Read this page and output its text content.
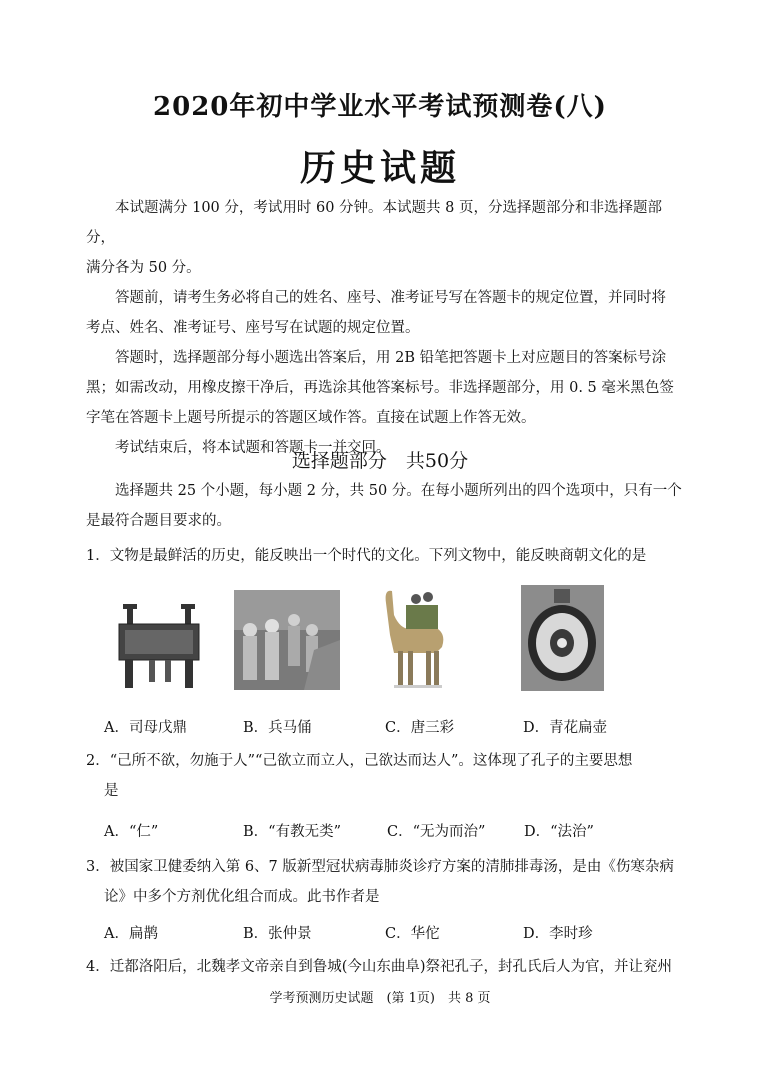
2020年初中学业水平考试预测卷(八)
历史试题

本试题满分 100 分，考试用时 60 分钟。本试题共 8 页，分选择题部分和非选择题部分，

满分各为 50 分。

答题前，请考生务必将自己的姓名、座号、准考证号写在答题卡的规定位置，并同时将

考点、姓名、准考证号、座号写在试题的规定位置。

答题时，选择题部分每小题选出答案后，用 2B 铅笔把答题卡上对应题目的答案标号涂

黑；如需改动，用橡皮擦干净后，再选涂其他答案标号。非选择题部分，用 0. 5 毫米黑色签

字笔在答题卡上题号所提示的答题区域作答。直接在试题上作答无效。

考试结束后，将本试题和答题卡一并交回。

选择题部分　共50分

选择题共 25 个小题，每小题 2 分，共 50 分。在每小题所列出的四个选项中，只有一个

是最符合题目要求的。

1．文物是最鲜活的历史，能反映出一个时代的文化。下列文物中，能反映商朝文化的是

A．司母戊鼎	B．兵马俑	C．唐三彩	D．青花扁壶

2．“己所不欲，勿施于人”“己欲立而立人，己欲达而达人”。这体现了孔子的主要思想

是

A．“仁”	B．“有教无类”	C．“无为而治”	D．“法治”

3．被国家卫健委纳入第 6、7 版新型冠状病毒肺炎诊疗方案的清肺排毒汤，是由《伤寒杂病

论》中多个方剂优化组合而成。此书作者是

A．扁鹊	B．张仲景	C．华佗	D．李时珍

4．迁都洛阳后，北魏孝文帝亲自到鲁城(今山东曲阜)祭祀孔子，封孔氏后人为官，并让兖州

学考预测历史试题　(第 1页)　共 8 页
